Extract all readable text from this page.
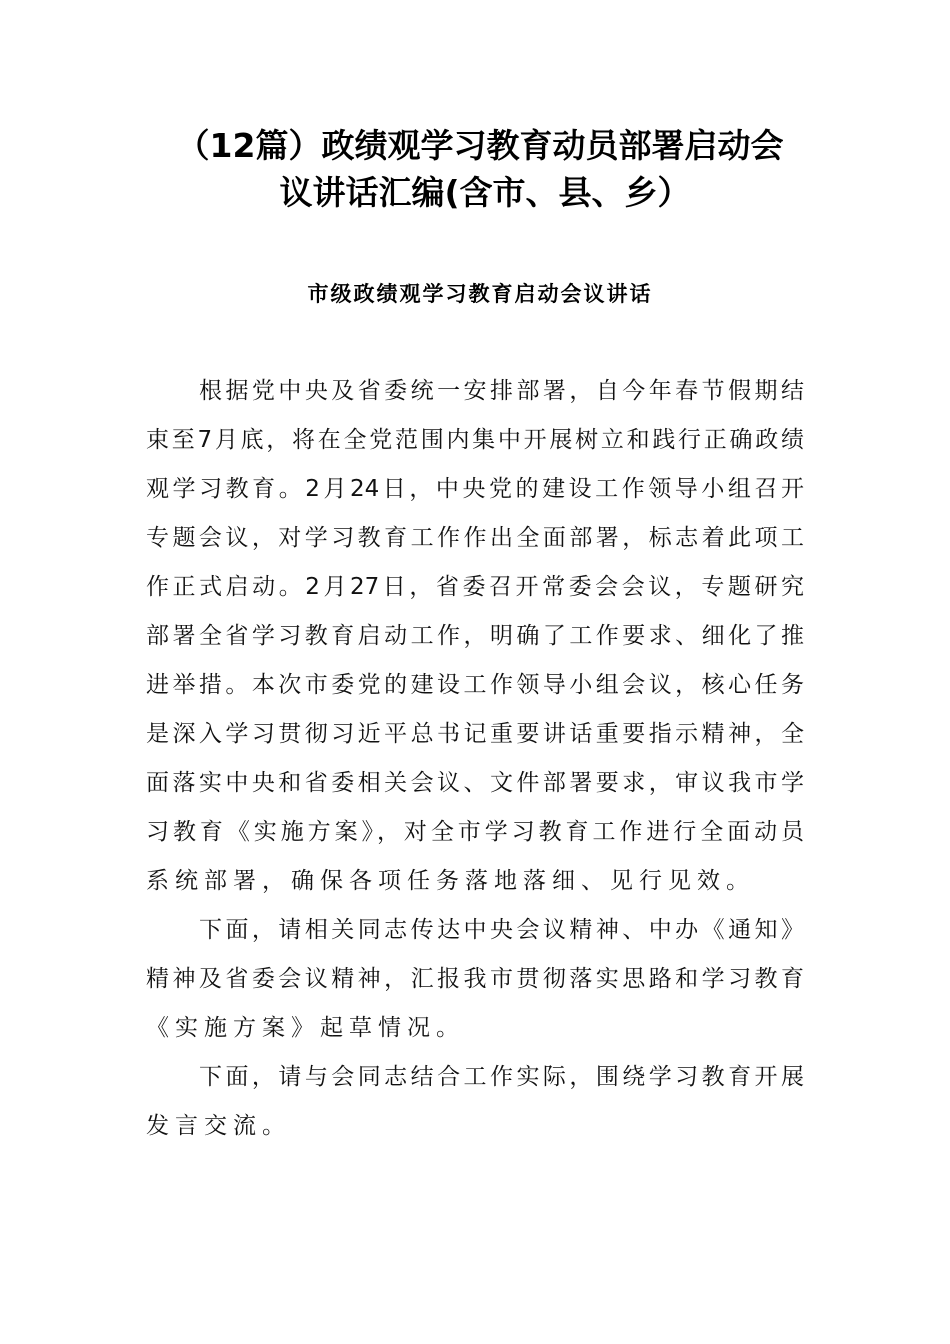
（12篇）政绩观学习教育动员部署启动会
议讲话汇编(含市、县、乡）
市级政绩观学习教育启动会议讲话
根据党中央及省委统一安排部署，自今年春节假期结
束至7月底，将在全党范围内集中开展树立和践行正确政绩
观学习教育。2月24日，中央党的建设工作领导小组召开
专题会议，对学习教育工作作出全面部署，标志着此项工
作正式启动。2月27日，省委召开常委会会议，专题研究
部署全省学习教育启动工作，明确了工作要求、细化了推
进举措。本次市委党的建设工作领导小组会议，核心任务
是深入学习贯彻习近平总书记重要讲话重要指示精神，全
面落实中央和省委相关会议、文件部署要求，审议我市学
习教育《实施方案》，对全市学习教育工作进行全面动员
系统部署，确保各项任务落地落细、见行见效。
下面，请相关同志传达中央会议精神、中办《通知》
精神及省委会议精神，汇报我市贯彻落实思路和学习教育
《实施方案》起草情况。
下面，请与会同志结合工作实际，围绕学习教育开展
发言交流。
